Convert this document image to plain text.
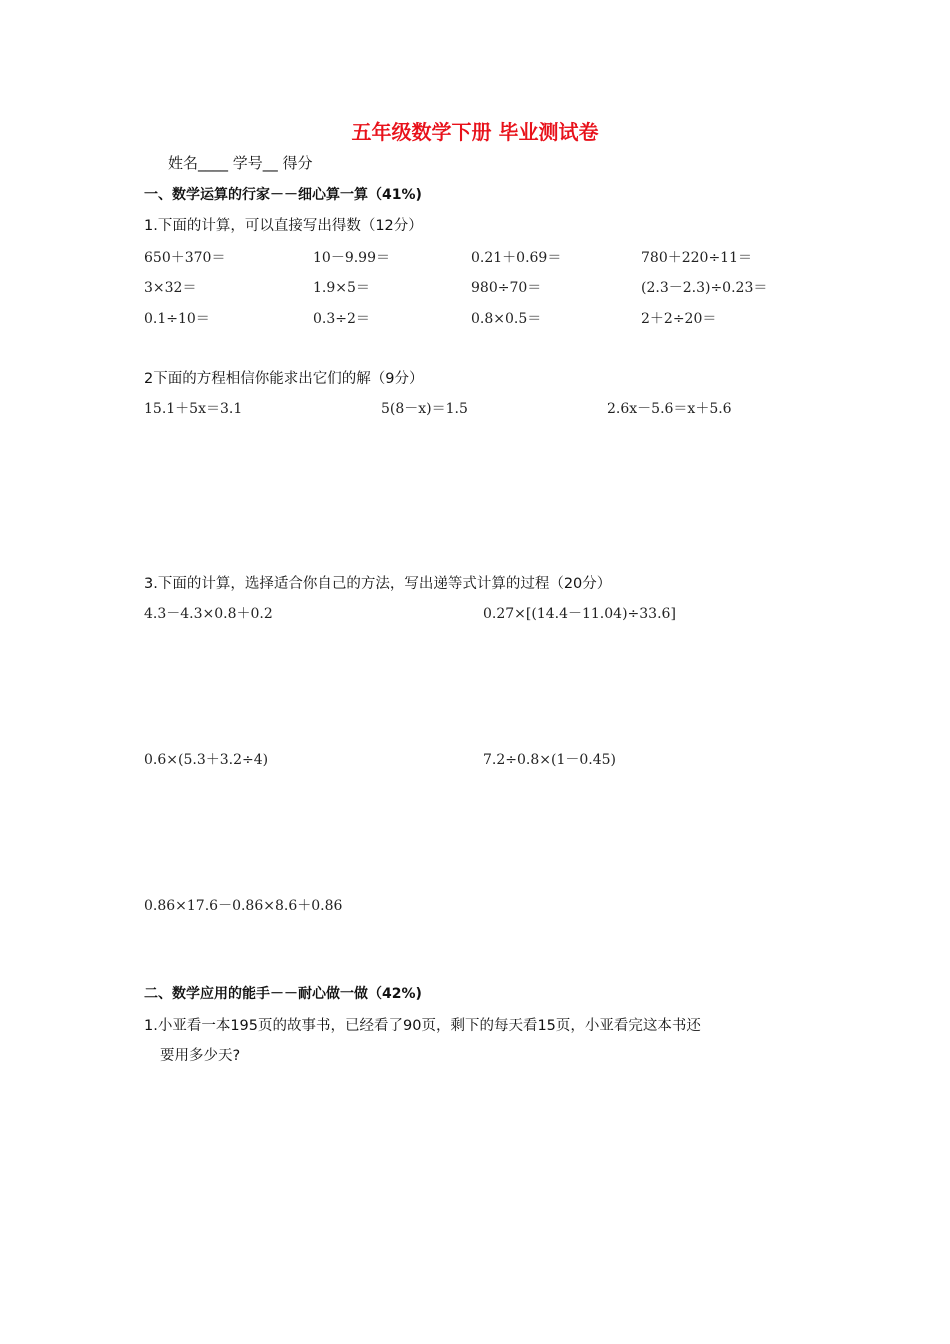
五年级数学下册 毕业测试卷
姓名____ 学号__ 得分
一、数学运算的行家－－细心算一算（41%)
1.下面的计算，可以直接写出得数（12分）
650＋370＝	10－9.99＝	0.21＋0.69＝	780＋220÷11＝
3×32＝	1.9×5＝	980÷70＝	(2.3－2.3)÷0.23＝
0.1÷10＝	0.3÷2＝	0.8×0.5＝	2＋2÷20＝
2下面的方程相信你能求出它们的解（9分）
15.1＋5x＝3.1	5(8－x)＝1.5	2.6x－5.6＝x＋5.6
3.下面的计算，选择适合你自己的方法，写出递等式计算的过程（20分）
4.3－4.3×0.8＋0.2	0.27×[(14.4－11.04)÷33.6]
0.6×(5.3＋3.2÷4)	7.2÷0.8×(1－0.45)
0.86×17.6－0.86×8.6＋0.86
二、数学应用的能手－－耐心做一做（42%)
1.小亚看一本195页的故事书，已经看了90页，剩下的每天看15页，小亚看完这本书还
要用多少天?
